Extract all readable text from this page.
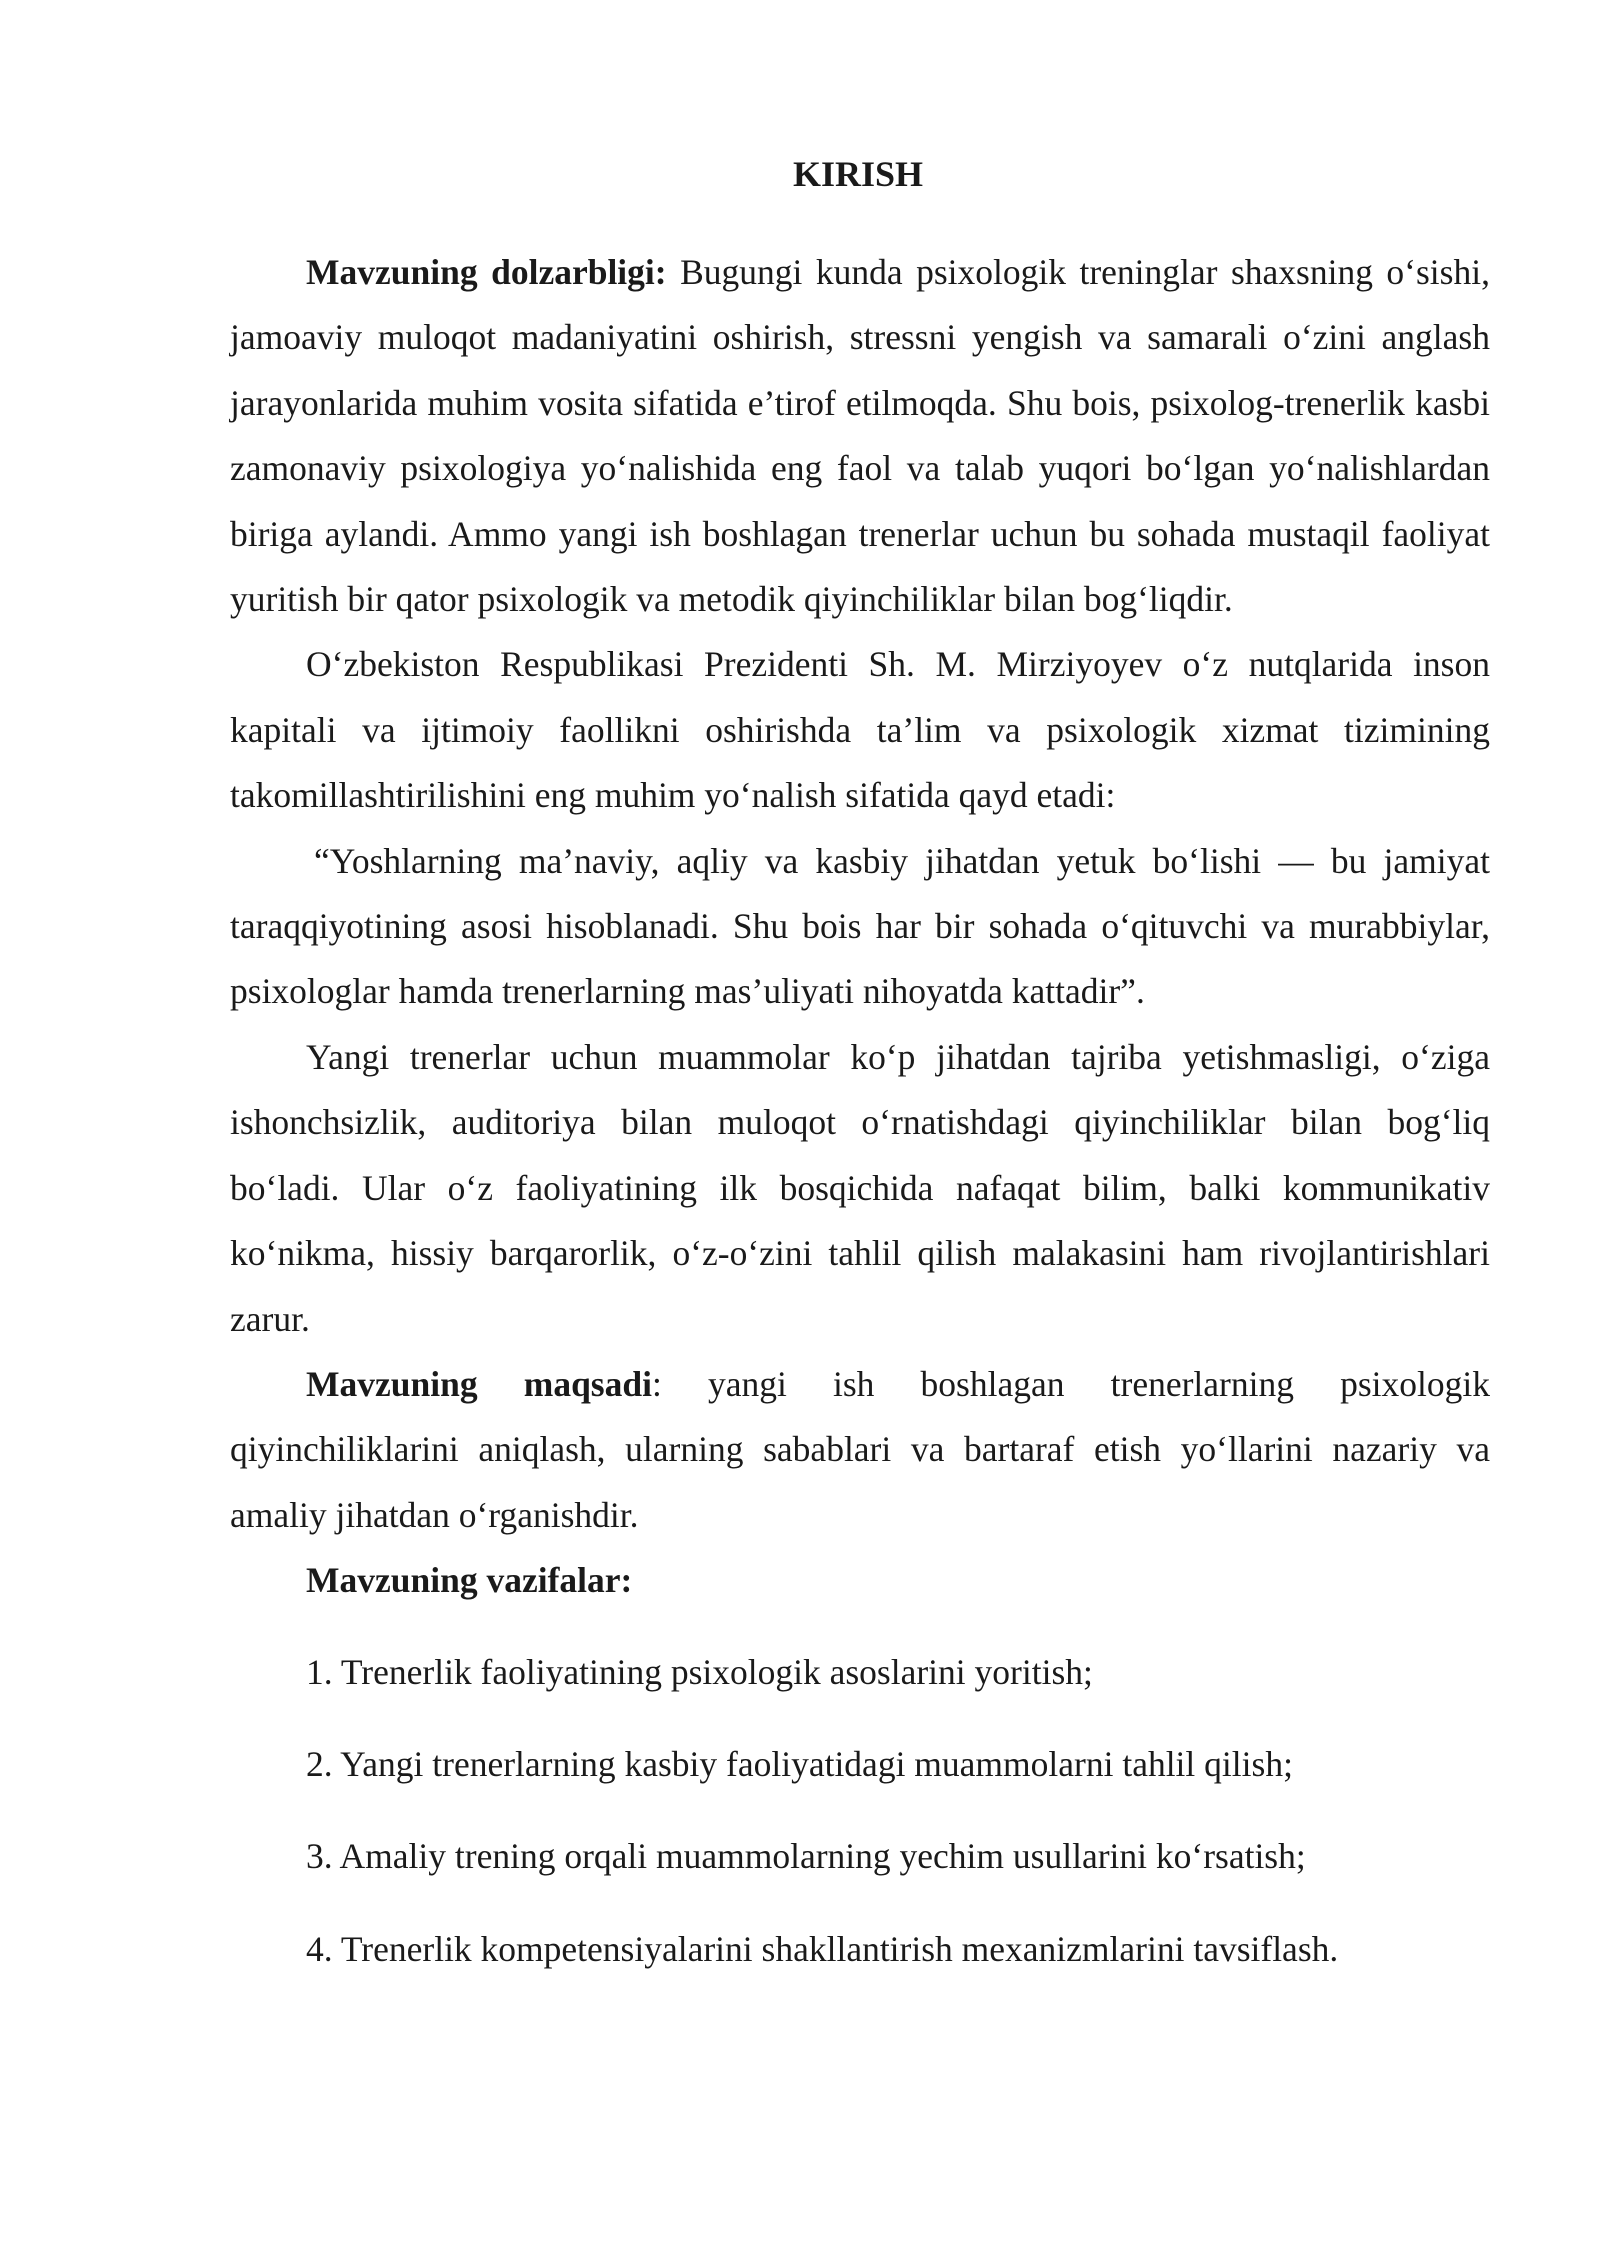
KIRISH

Mavzuning dolzarbligi: Bugungi kunda psixologik treninglar shaxsning o‘sishi, jamoaviy muloqot madaniyatini oshirish, stressni yengish va samarali o‘zini anglash jarayonlarida muhim vosita sifatida e’tirof etilmoqda. Shu bois, psixolog-trenerlik kasbi zamonaviy psixologiya yo‘nalishida eng faol va talab yuqori bo‘lgan yo‘nalishlardan biriga aylandi. Ammo yangi ish boshlagan trenerlar uchun bu sohada mustaqil faoliyat yuritish bir qator psixologik va metodik qiyinchiliklar bilan bog‘liqdir.

O‘zbekiston Respublikasi Prezidenti Sh. M. Mirziyoyev o‘z nutqlarida inson kapitali va ijtimoiy faollikni oshirishda ta’lim va psixologik xizmat tizimining takomillashtirilishini eng muhim yo‘nalish sifatida qayd etadi:

“Yoshlarning ma’naviy, aqliy va kasbiy jihatdan yetuk bo‘lishi — bu jamiyat taraqqiyotining asosi hisoblanadi. Shu bois har bir sohada o‘qituvchi va murabbiylar, psixologlar hamda trenerlarning mas’uliyati nihoyatda kattadir”.

Yangi trenerlar uchun muammolar ko‘p jihatdan tajriba yetishmasligi, o‘ziga ishonchsizlik, auditoriya bilan muloqot o‘rnatishdagi qiyinchiliklar bilan bog‘liq bo‘ladi. Ular o‘z faoliyatining ilk bosqichida nafaqat bilim, balki kommunikativ ko‘nikma, hissiy barqarorlik, o‘z-o‘zini tahlil qilish malakasini ham rivojlantirishlari zarur.

Mavzuning maqsadi: yangi ish boshlagan trenerlarning psixologik qiyinchiliklarini aniqlash, ularning sabablari va bartaraf etish yo‘llarini nazariy va amaliy jihatdan o‘rganishdir.

Mavzuning vazifalar:

1. Trenerlik faoliyatining psixologik asoslarini yoritish;
2. Yangi trenerlarning kasbiy faoliyatidagi muammolarni tahlil qilish;
3. Amaliy trening orqali muammolarning yechim usullarini ko‘rsatish;
4. Trenerlik kompetensiyalarini shakllantirish mexanizmlarini tavsiflash.
